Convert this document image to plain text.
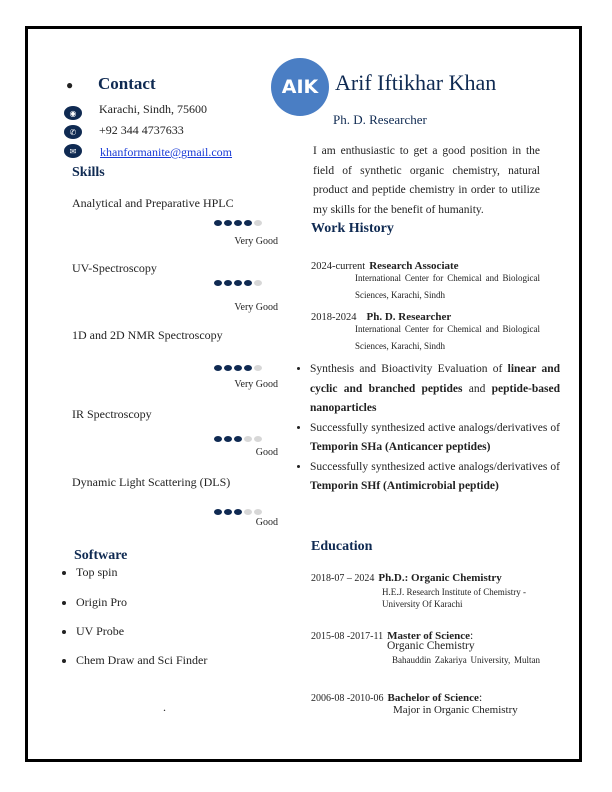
● Contact
◉	Karachi, Sindh, 75600
✆	+92 344 4737633
✉	khanformanite@gmail.com
Skills
Analytical and Preparative HPLC
Very Good
UV-Spectroscopy
Very Good
1D and 2D NMR Spectroscopy
Very Good
IR Spectroscopy
Good
Dynamic Light Scattering (DLS)
Good
Software
• Top spin
• Origin Pro
• UV Probe
• Chem Draw and Sci Finder
.
AIK Arif Iftikhar Khan
Ph. D. Researcher
I am enthusiastic to get a good position in the field of synthetic organic chemistry, natural product and peptide chemistry in order to utilize my skills for the benefit of humanity.
Work History
2024-current Research Associate
International Center for Chemical and Biological Sciences, Karachi, Sindh
2018-2024 Ph. D. Researcher
International Center for Chemical and Biological Sciences, Karachi, Sindh
• Synthesis and Bioactivity Evaluation of linear and cyclic and branched peptides and peptide-based nanoparticles
• Successfully synthesized active analogs/derivatives of Temporin SHa (Anticancer peptides)
• Successfully synthesized active analogs/derivatives of Temporin SHf (Antimicrobial peptide)
Education
2018-07 – 2024 Ph.D.: Organic Chemistry
H.E.J. Research Institute of Chemistry - University Of Karachi
2015-08 -2017-11 Master of Science:
Organic Chemistry
Bahauddin Zakariya University, Multan
2006-08 -2010-06 Bachelor of Science:
Major in Organic Chemistry
